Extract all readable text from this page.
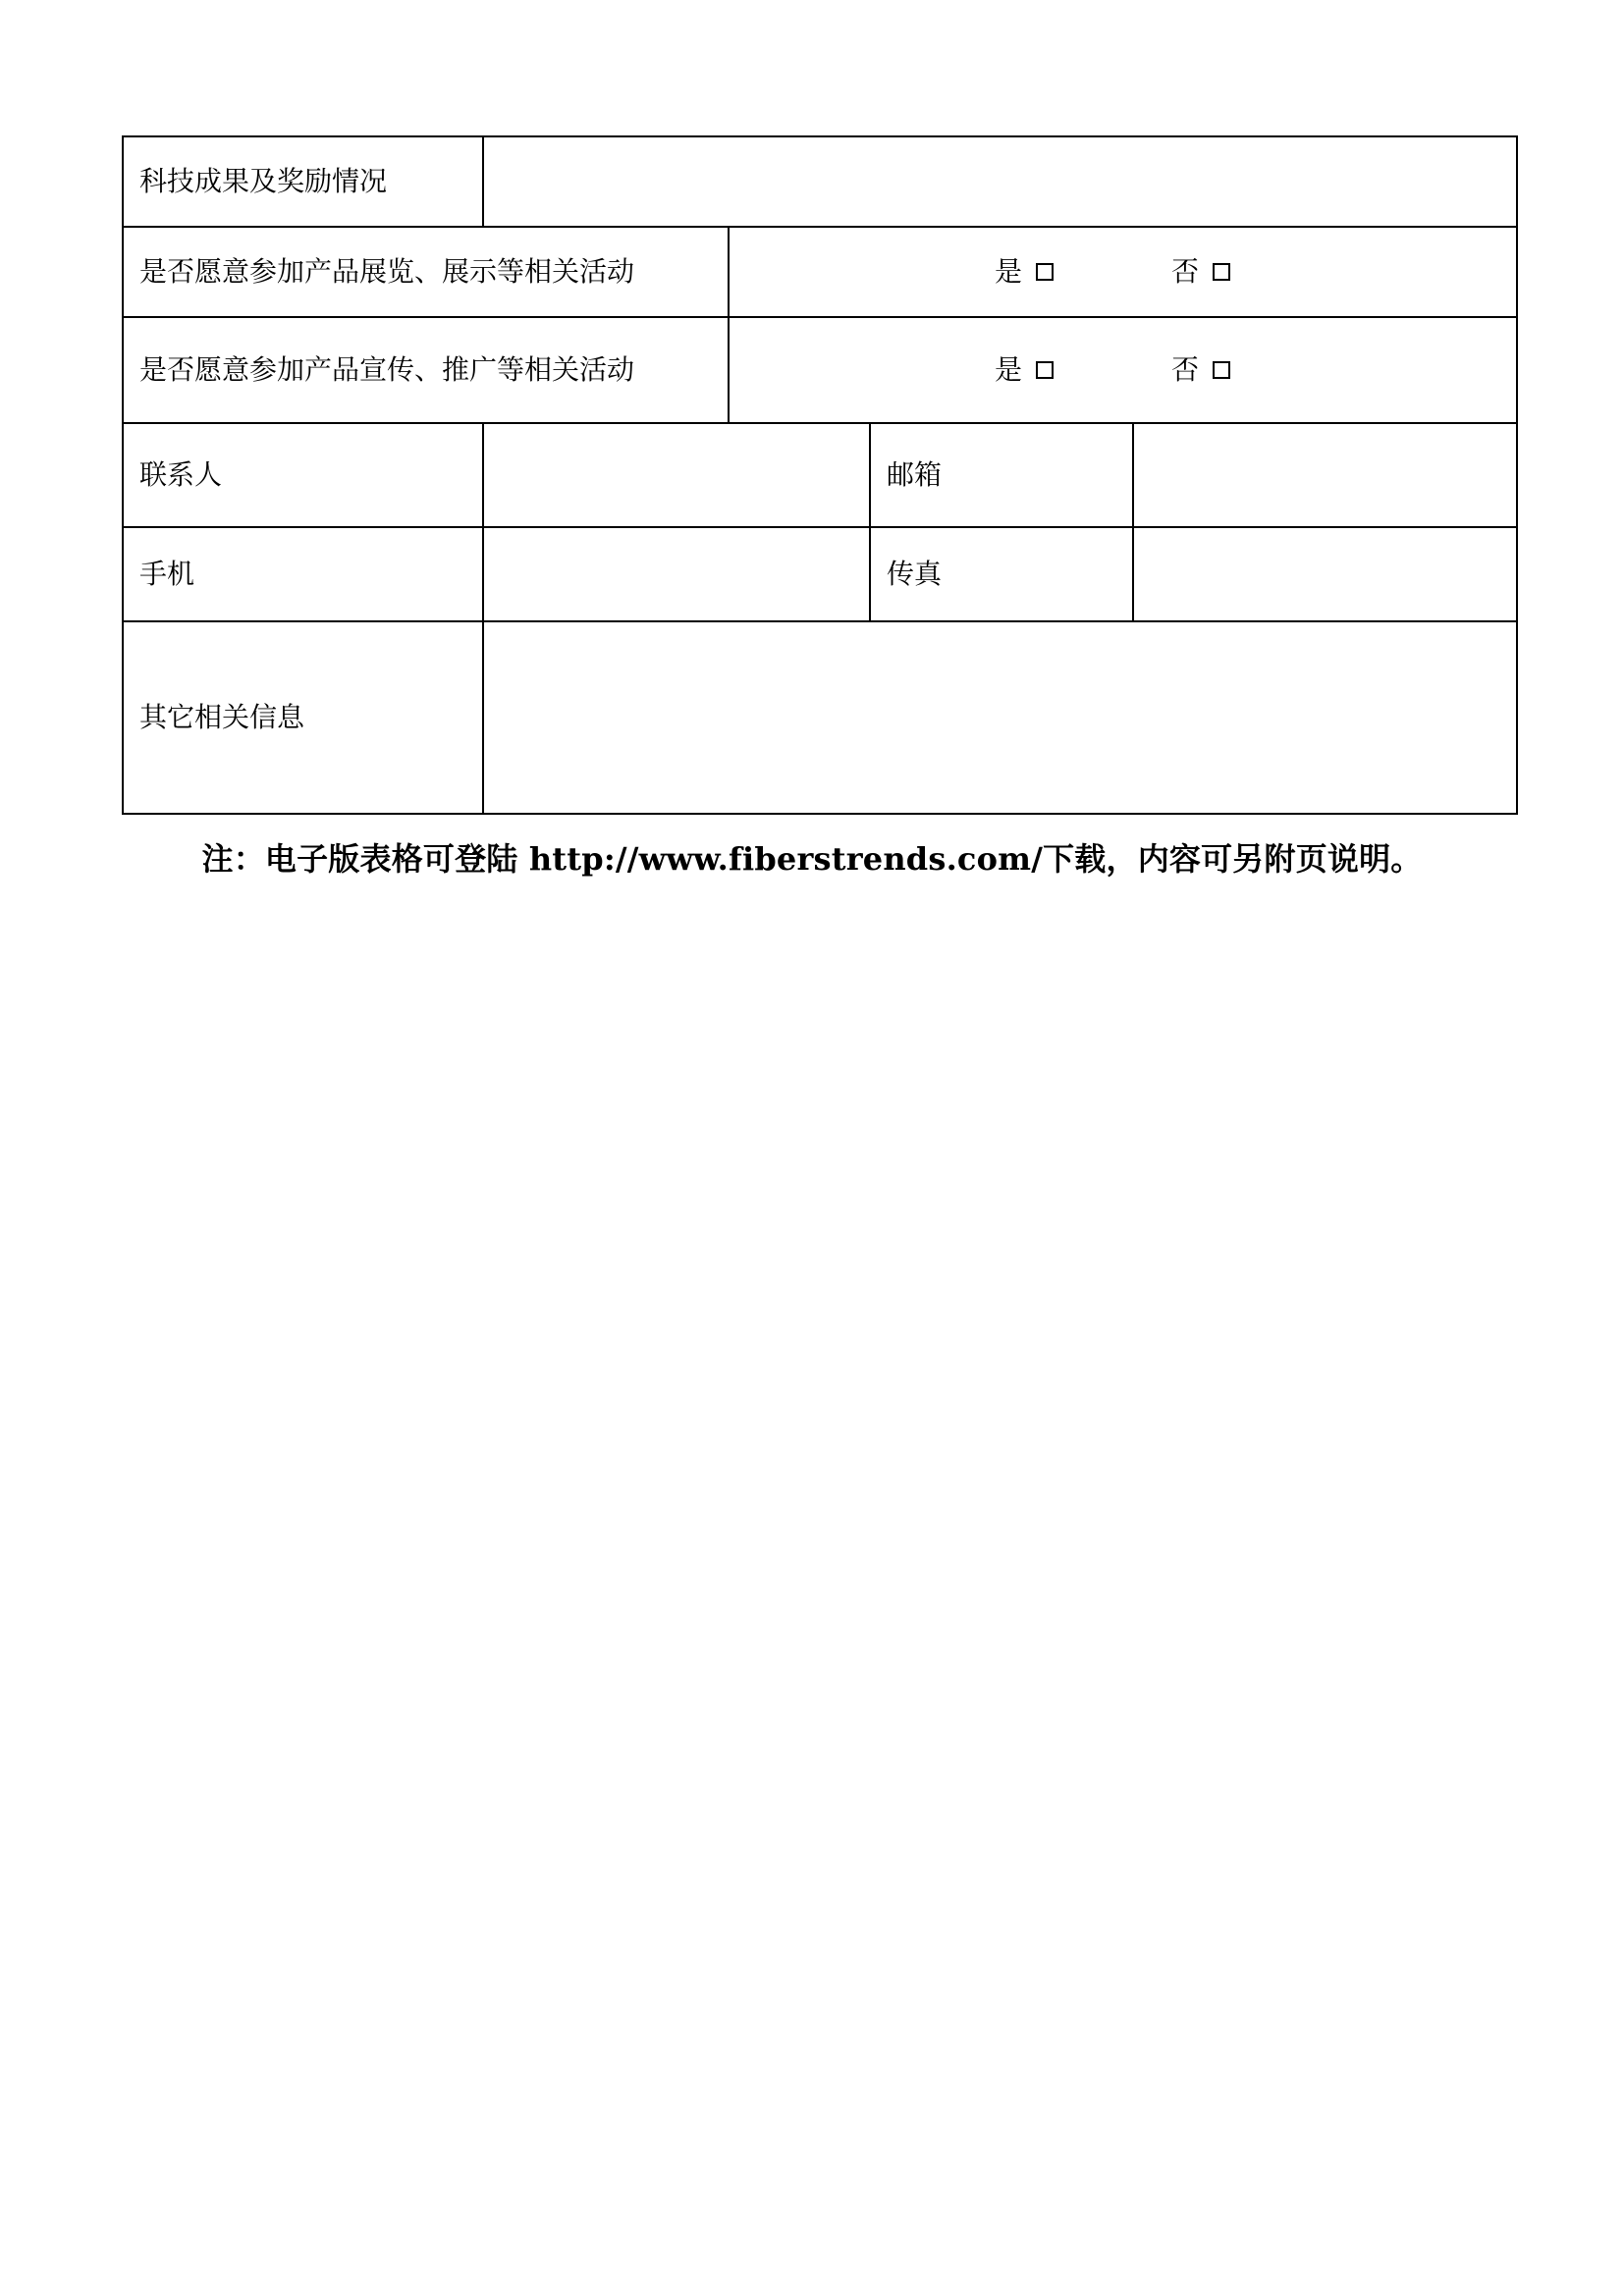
科技成果及奖励情况
是否愿意参加产品展览、展示等相关活动	是	否
是否愿意参加产品宣传、推广等相关活动	是	否
联系人	邮箱
手机	传真
其它相关信息
注：电子版表格可登陆 http://www.fiberstrends.com/下载，内容可另附页说明。
